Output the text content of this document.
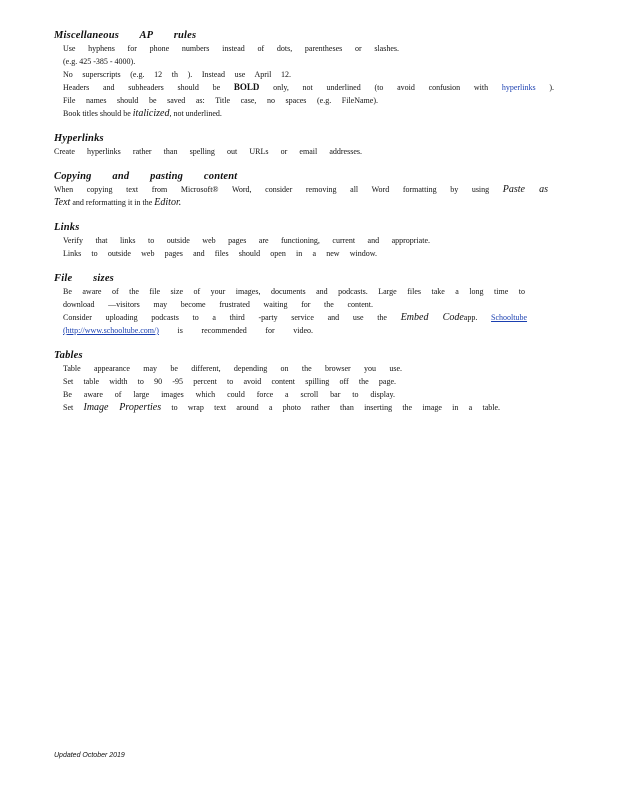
Miscellaneous AP rules
Use hyphens for phone numbers instead of dots, parentheses or slashes.
(e.g. 425 -385 - 4000).
No superscripts (e.g. 12 th ). Instead use April 12.
Headers and subheaders should be BOLD only, not underlined (to avoid confusion with hyperlinks ).
File names should be saved as: Title case, no spaces (e.g. FileName).
Book titles should be italicized, not underlined.
Hyperlinks
Create hyperlinks rather than spelling out URLs or email addresses.
Copying and pasting content
When copying text from Microsoft® Word, consider removing all Word formatting by using Paste as
Text and reformatting it in the Editor.
Links
Verify that links to outside web pages are functioning, current and appropriate.
Links to outside web pages and files should open in a new window.
File sizes
Be aware of the file size of your images, documents and podcasts. Large files take a long time to
download —visitors may become frustrated waiting for the content.
Consider uploading podcasts to a third -party service and use the Embed Codeapp. Schooltube
(http://www.schooltube.com/) is recommended for video.
Tables
Table appearance may be different, depending on the browser you use.
Set table width to 90 -95 percent to avoid content spilling off the page.
Be aware of large images which could force a scroll bar to display.
Set Image Properties to wrap text around a photo rather than inserting the image in a table.
Updated October 2019
